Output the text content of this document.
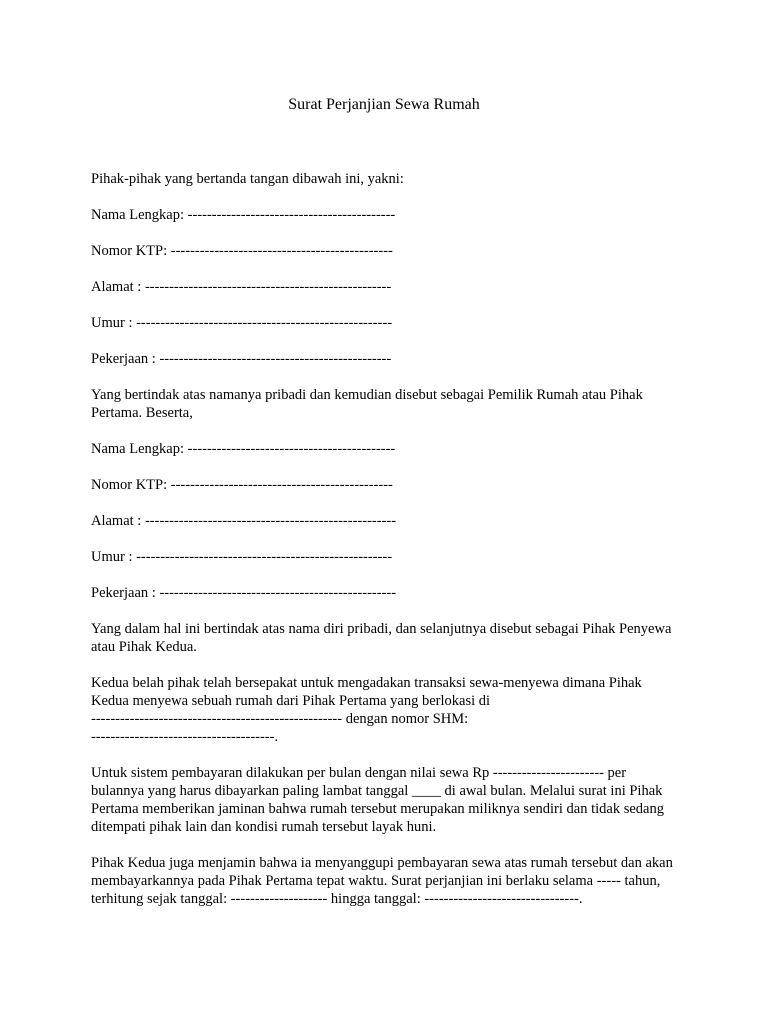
Surat Perjanjian Sewa Rumah

Pihak-pihak yang bertanda tangan dibawah ini, yakni:

Nama Lengkap: -------------------------------------------

Nomor KTP: ----------------------------------------------

Alamat : ---------------------------------------------------

Umur : -----------------------------------------------------

Pekerjaan : ------------------------------------------------

Yang bertindak atas namanya pribadi dan kemudian disebut sebagai Pemilik Rumah atau Pihak Pertama. Beserta,

Nama Lengkap: -------------------------------------------

Nomor KTP: ----------------------------------------------

Alamat : ----------------------------------------------------

Umur : -----------------------------------------------------

Pekerjaan : -------------------------------------------------

Yang dalam hal ini bertindak atas nama diri pribadi, dan selanjutnya disebut sebagai Pihak Penyewa atau Pihak Kedua.

Kedua belah pihak telah bersepakat untuk mengadakan transaksi sewa-menyewa dimana Pihak Kedua menyewa sebuah rumah dari Pihak Pertama yang berlokasi di
---------------------------------------------------- dengan nomor SHM:
--------------------------------------.

Untuk sistem pembayaran dilakukan per bulan dengan nilai sewa Rp ----------------------- per bulannya yang harus dibayarkan paling lambat tanggal ____ di awal bulan. Melalui surat ini Pihak Pertama memberikan jaminan bahwa rumah tersebut merupakan miliknya sendiri dan tidak sedang ditempati pihak lain dan kondisi rumah tersebut layak huni.

Pihak Kedua juga menjamin bahwa ia menyanggupi pembayaran sewa atas rumah tersebut dan akan membayarkannya pada Pihak Pertama tepat waktu. Surat perjanjian ini berlaku selama ----- tahun, terhitung sejak tanggal: -------------------- hingga tanggal: --------------------------------.
